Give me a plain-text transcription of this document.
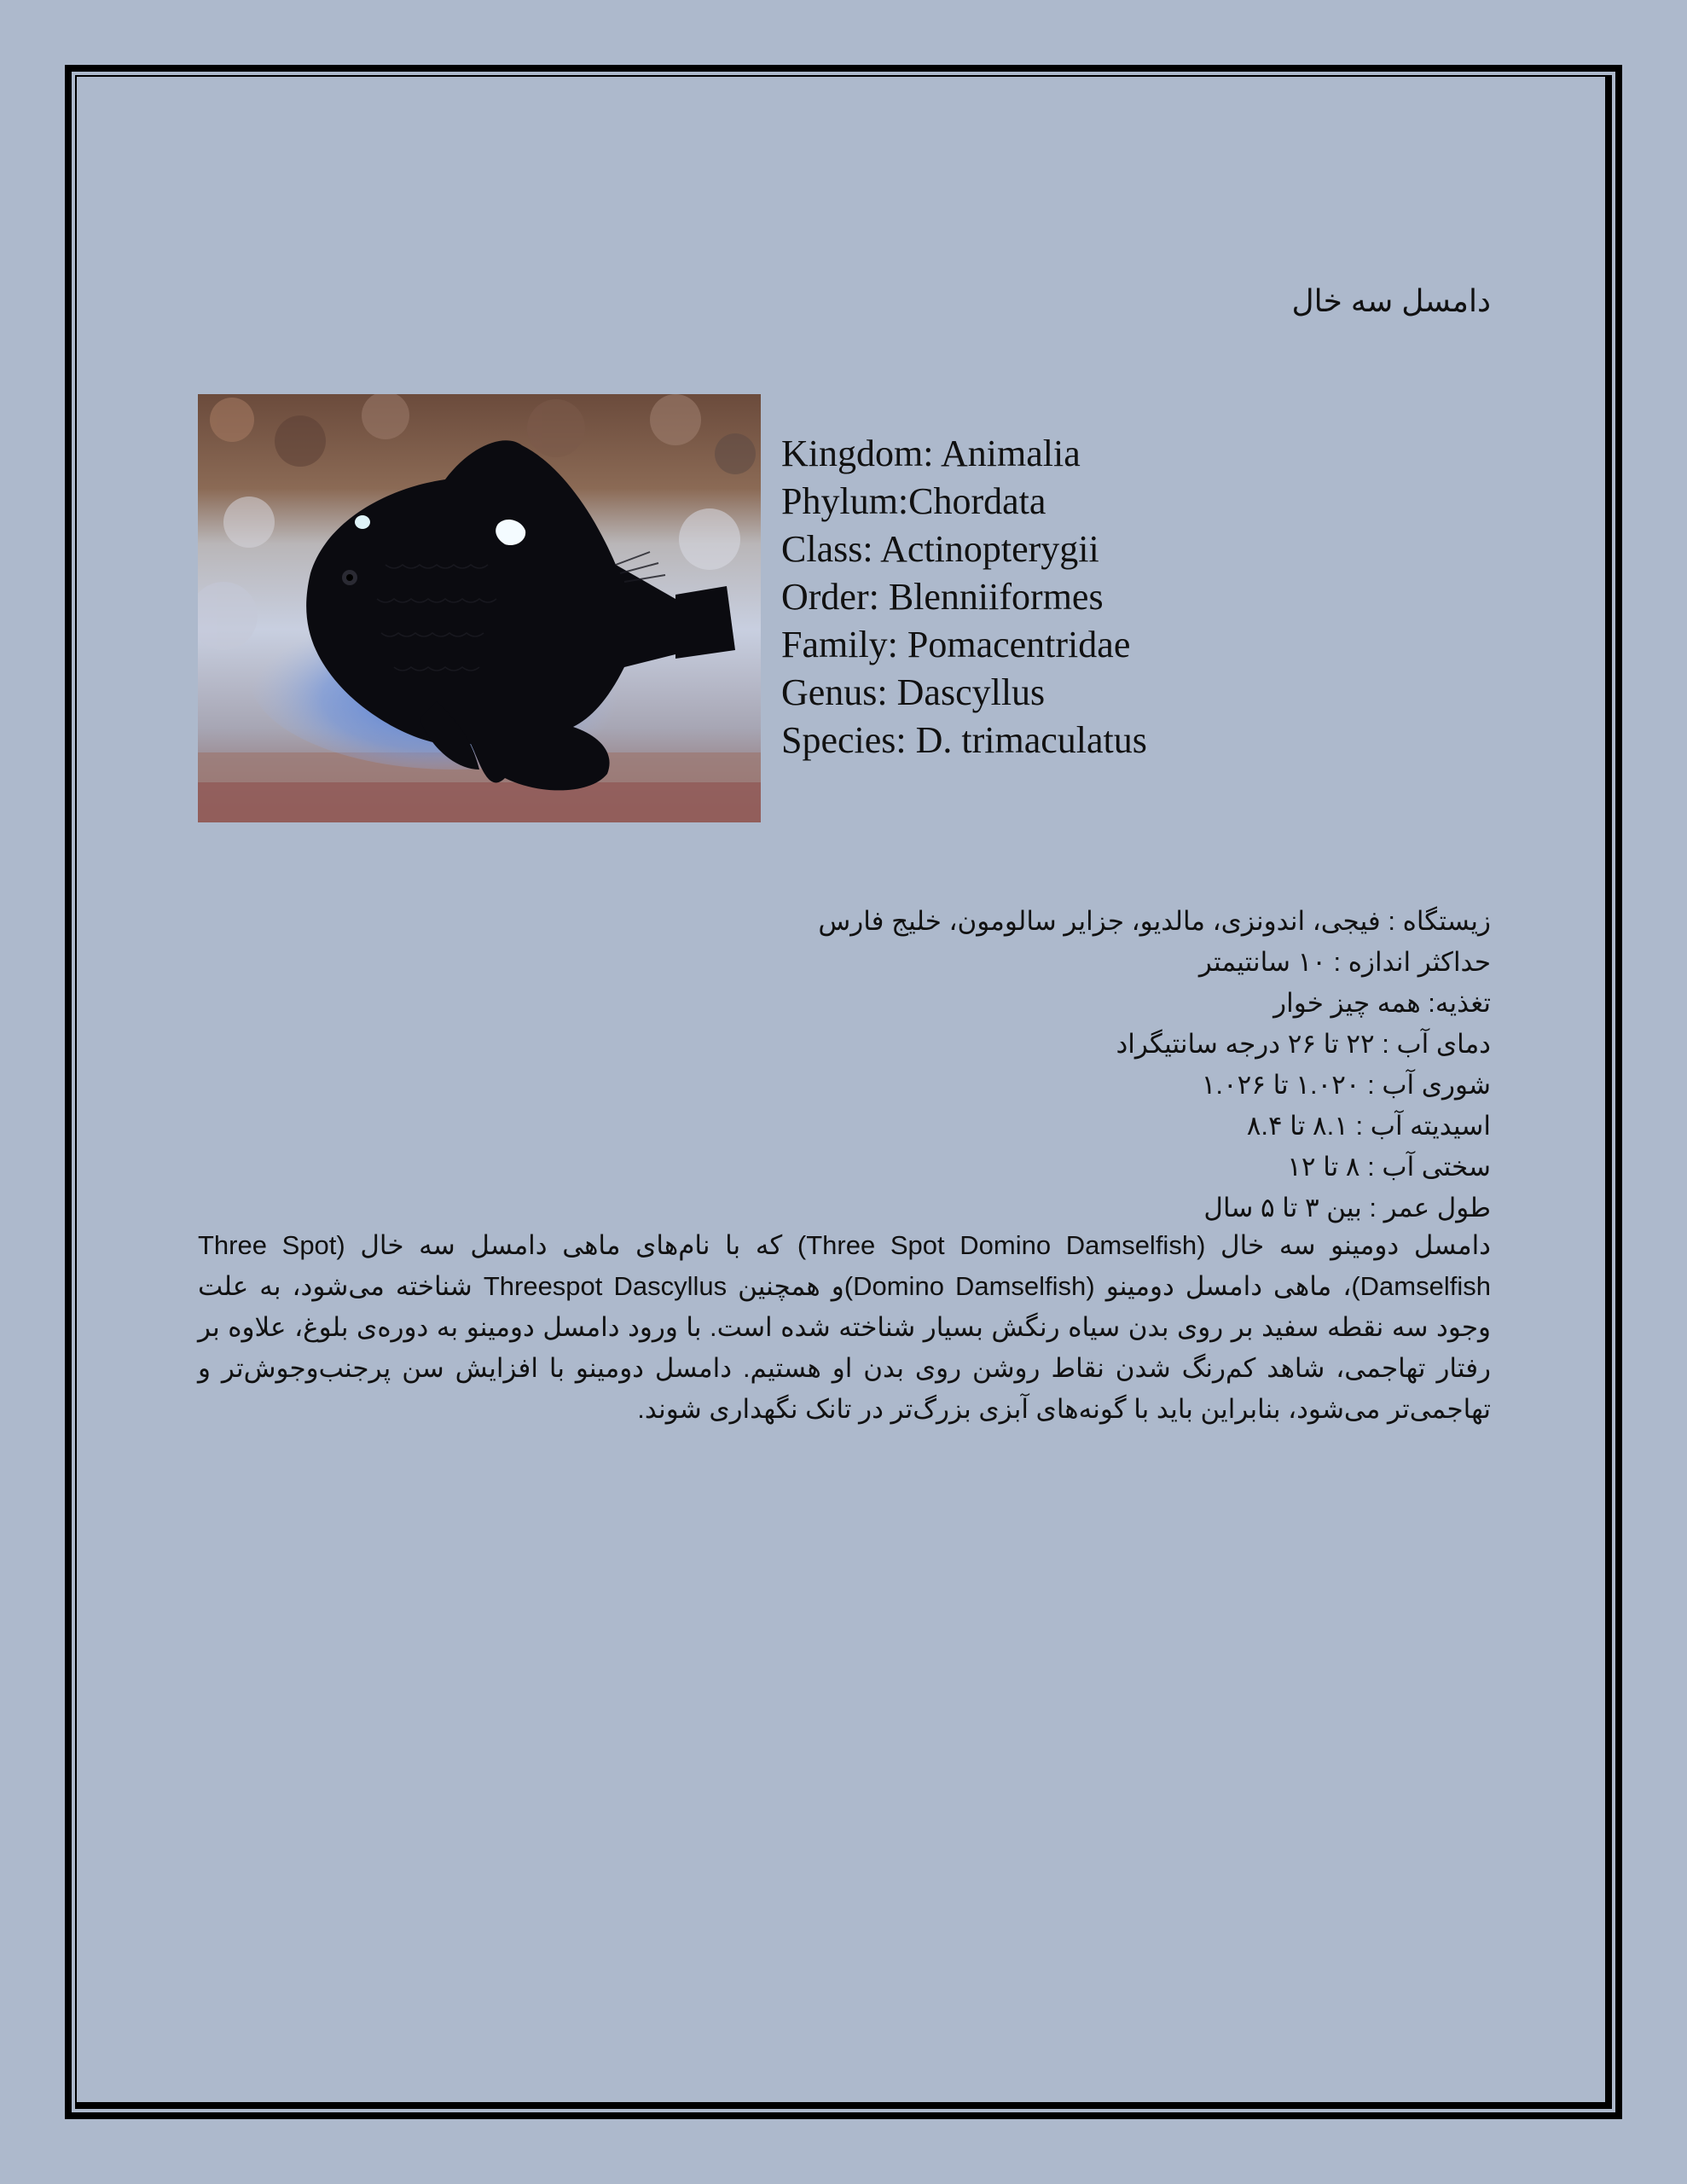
دامسل سه خال
Kingdom: Animalia
Phylum:Chordata
Class: Actinopterygii
Order: Blenniiformes
Family: Pomacentridae
Genus: Dascyllus
Species: D. trimaculatus
زیستگاه : فیجی، اندونزی، مالدیو، جزایر سالومون، خلیج فارس
حداکثر اندازه : ۱۰ سانتیمتر
تغذیه: همه چیز خوار
دمای آب : ۲۲ تا ۲۶ درجه سانتیگراد
شوری آب : ۱.۰۲۰ تا ۱.۰۲۶
اسیدیته آب : ۸.۱ تا ۸.۴
سختی آب : ۸ تا ۱۲
طول عمر : بین ۳ تا ۵ سال
دامسل دومینو سه خال (Three Spot Domino Damselfish) که با نام‌های ماهی دامسل سه خال (Three Spot Damselfish)، ماهی دامسل دومینو (Domino Damselfish)و همچنین Threespot Dascyllus شناخته می‌شود، به علت وجود سه نقطه سفید بر روی بدن سیاه رنگش بسیار شناخته شده است. با ورود دامسل دومینو به دوره‌ی بلوغ، علاوه بر رفتار تهاجمی، شاهد کم‌رنگ شدن نقاط روشن روی بدن او هستیم. دامسل دومینو با افزایش سن پرجنب‌وجوش‌تر و تهاجمی‌تر می‌شود، بنابراین باید با گونه‌های آبزی بزرگ‌تر در تانک نگهداری شوند.
